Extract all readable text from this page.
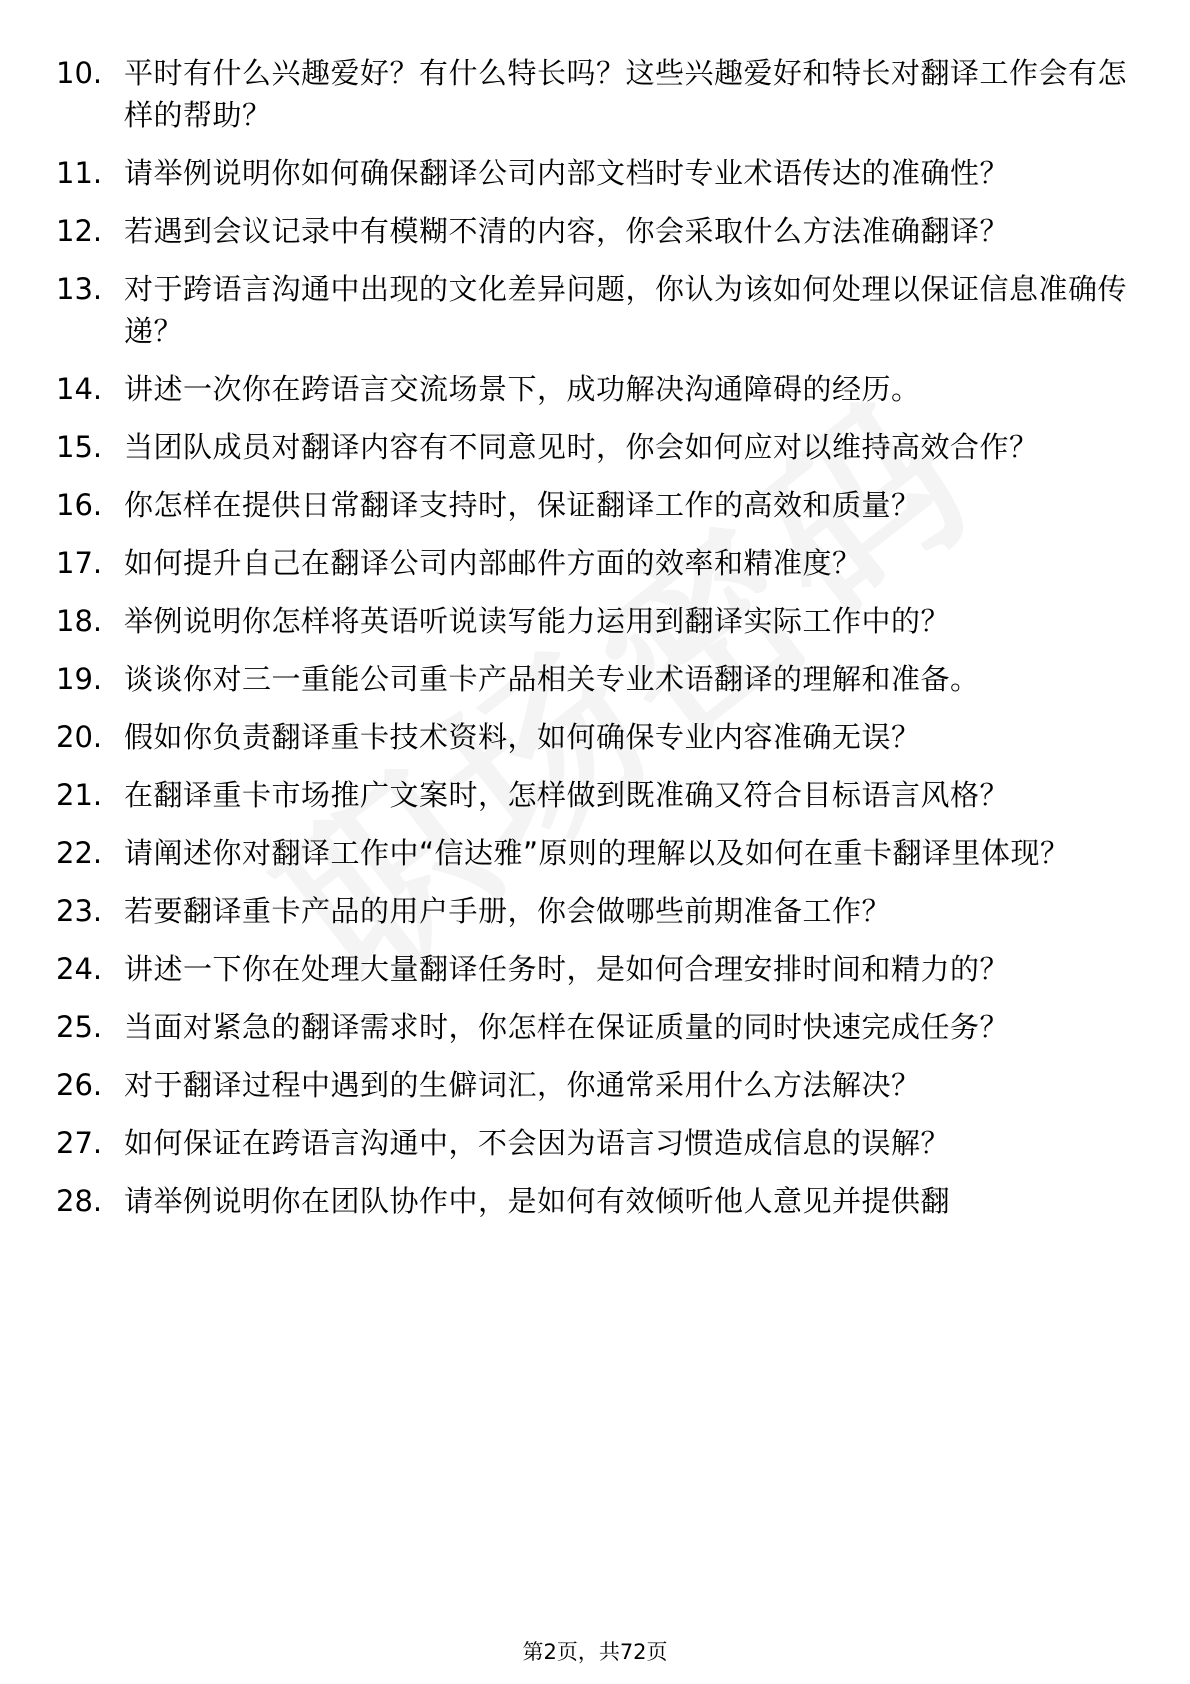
10. 平时有什么兴趣爱好？有什么特长吗？这些兴趣爱好和特长对翻译工作会有怎样的帮助？
11. 请举例说明你如何确保翻译公司内部文档时专业术语传达的准确性？
12. 若遇到会议记录中有模糊不清的内容，你会采取什么方法准确翻译？
13. 对于跨语言沟通中出现的文化差异问题，你认为该如何处理以保证信息准确传递？
14. 讲述一次你在跨语言交流场景下，成功解决沟通障碍的经历。
15. 当团队成员对翻译内容有不同意见时，你会如何应对以维持高效合作？
16. 你怎样在提供日常翻译支持时，保证翻译工作的高效和质量？
17. 如何提升自己在翻译公司内部邮件方面的效率和精准度？
18. 举例说明你怎样将英语听说读写能力运用到翻译实际工作中的？
19. 谈谈你对三一重能公司重卡产品相关专业术语翻译的理解和准备。
20. 假如你负责翻译重卡技术资料，如何确保专业内容准确无误？
21. 在翻译重卡市场推广文案时，怎样做到既准确又符合目标语言风格？
22. 请阐述你对翻译工作中“信达雅”原则的理解以及如何在重卡翻译里体现？
23. 若要翻译重卡产品的用户手册，你会做哪些前期准备工作？
24. 讲述一下你在处理大量翻译任务时，是如何合理安排时间和精力的？
25. 当面对紧急的翻译需求时，你怎样在保证质量的同时快速完成任务？
26. 对于翻译过程中遇到的生僻词汇，你通常采用什么方法解决？
27. 如何保证在跨语言沟通中，不会因为语言习惯造成信息的误解？
28. 请举例说明你在团队协作中，是如何有效倾听他人意见并提供翻
第2页，共72页
